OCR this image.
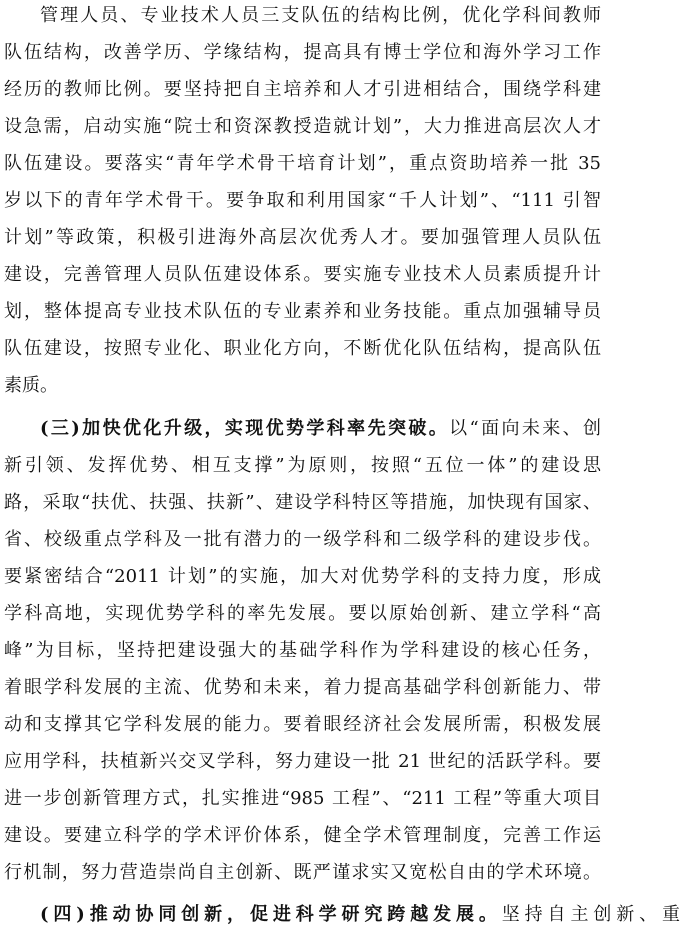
管理人员、专业技术人员三支队伍的结构比例，优化学科间教师
队伍结构，改善学历、学缘结构，提高具有博士学位和海外学习工作
经历的教师比例。要坚持把自主培养和人才引进相结合，围绕学科建
设急需，启动实施“院士和资深教授造就计划”，大力推进高层次人才
队伍建设。要落实“青年学术骨干培育计划”，重点资助培养一批 35
岁以下的青年学术骨干。要争取和利用国家“千人计划”、“111 引智
计划”等政策，积极引进海外高层次优秀人才。要加强管理人员队伍
建设，完善管理人员队伍建设体系。要实施专业技术人员素质提升计
划，整体提高专业技术队伍的专业素养和业务技能。重点加强辅导员
队伍建设，按照专业化、职业化方向，不断优化队伍结构，提高队伍
素质。
(三)加快优化升级，实现优势学科率先突破。以“面向未来、创
新引领、发挥优势、相互支撑”为原则，按照“五位一体”的建设思
路，采取“扶优、扶强、扶新”、建设学科特区等措施，加快现有国家、
省、校级重点学科及一批有潜力的一级学科和二级学科的建设步伐。
要紧密结合“2011 计划”的实施，加大对优势学科的支持力度，形成
学科高地，实现优势学科的率先发展。要以原始创新、建立学科“高
峰”为目标，坚持把建设强大的基础学科作为学科建设的核心任务，
着眼学科发展的主流、优势和未来，着力提高基础学科创新能力、带
动和支撑其它学科发展的能力。要着眼经济社会发展所需，积极发展
应用学科，扶植新兴交叉学科，努力建设一批 21 世纪的活跃学科。要
进一步创新管理方式，扎实推进“985 工程”、“211 工程”等重大项目
建设。要建立科学的学术评价体系，健全学术管理制度，完善工作运
行机制，努力营造崇尚自主创新、既严谨求实又宽松自由的学术环境。
(四)推动协同创新，促进科学研究跨越发展。坚持自主创新、重
